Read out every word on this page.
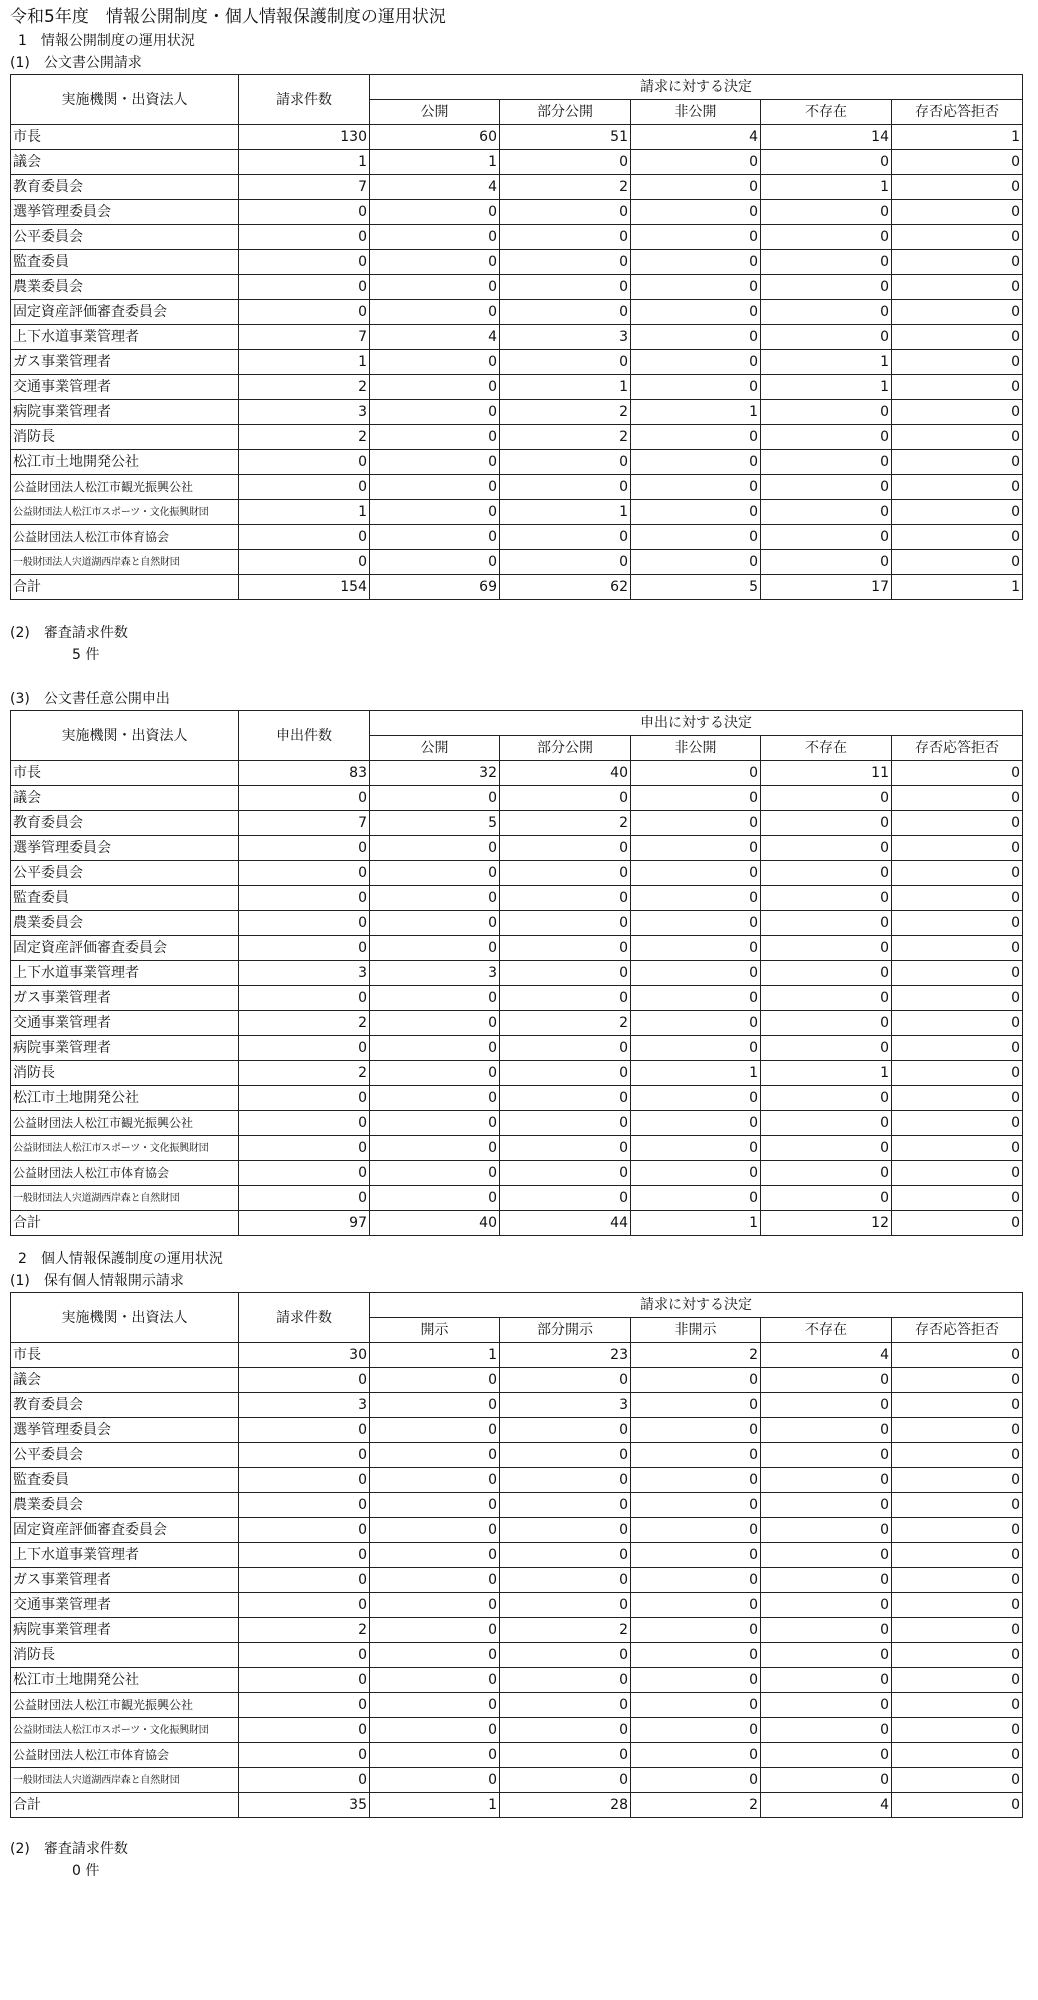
令和5年度　情報公開制度・個人情報保護制度の運用状況
1　情報公開制度の運用状況
(1)　公文書公開請求
実施機関・出資法人	請求件数	請求に対する決定				
		公開	部分公開	非公開	不存在	存否応答拒否
市長	130	60	51	4	14	1
議会	1	1	0	0	0	0
教育委員会	7	4	2	0	1	0
選挙管理委員会	0	0	0	0	0	0
公平委員会	0	0	0	0	0	0
監査委員	0	0	0	0	0	0
農業委員会	0	0	0	0	0	0
固定資産評価審査委員会	0	0	0	0	0	0
上下水道事業管理者	7	4	3	0	0	0
ガス事業管理者	1	0	0	0	1	0
交通事業管理者	2	0	1	0	1	0
病院事業管理者	3	0	2	1	0	0
消防長	2	0	2	0	0	0
松江市土地開発公社	0	0	0	0	0	0
公益財団法人松江市観光振興公社	0	0	0	0	0	0
公益財団法人松江市スポーツ・文化振興財団	1	0	1	0	0	0
公益財団法人松江市体育協会	0	0	0	0	0	0
一般財団法人宍道湖西岸森と自然財団	0	0	0	0	0	0
合計	154	69	62	5	17	1
(2)　審査請求件数
5 件
(3)　公文書任意公開申出
実施機関・出資法人	申出件数	申出に対する決定				
		公開	部分公開	非公開	不存在	存否応答拒否
市長	83	32	40	0	11	0
議会	0	0	0	0	0	0
教育委員会	7	5	2	0	0	0
選挙管理委員会	0	0	0	0	0	0
公平委員会	0	0	0	0	0	0
監査委員	0	0	0	0	0	0
農業委員会	0	0	0	0	0	0
固定資産評価審査委員会	0	0	0	0	0	0
上下水道事業管理者	3	3	0	0	0	0
ガス事業管理者	0	0	0	0	0	0
交通事業管理者	2	0	2	0	0	0
病院事業管理者	0	0	0	0	0	0
消防長	2	0	0	1	1	0
松江市土地開発公社	0	0	0	0	0	0
公益財団法人松江市観光振興公社	0	0	0	0	0	0
公益財団法人松江市スポーツ・文化振興財団	0	0	0	0	0	0
公益財団法人松江市体育協会	0	0	0	0	0	0
一般財団法人宍道湖西岸森と自然財団	0	0	0	0	0	0
合計	97	40	44	1	12	0
2　個人情報保護制度の運用状況
(1)　保有個人情報開示請求
実施機関・出資法人	請求件数	請求に対する決定				
		開示	部分開示	非開示	不存在	存否応答拒否
市長	30	1	23	2	4	0
議会	0	0	0	0	0	0
教育委員会	3	0	3	0	0	0
選挙管理委員会	0	0	0	0	0	0
公平委員会	0	0	0	0	0	0
監査委員	0	0	0	0	0	0
農業委員会	0	0	0	0	0	0
固定資産評価審査委員会	0	0	0	0	0	0
上下水道事業管理者	0	0	0	0	0	0
ガス事業管理者	0	0	0	0	0	0
交通事業管理者	0	0	0	0	0	0
病院事業管理者	2	0	2	0	0	0
消防長	0	0	0	0	0	0
松江市土地開発公社	0	0	0	0	0	0
公益財団法人松江市観光振興公社	0	0	0	0	0	0
公益財団法人松江市スポーツ・文化振興財団	0	0	0	0	0	0
公益財団法人松江市体育協会	0	0	0	0	0	0
一般財団法人宍道湖西岸森と自然財団	0	0	0	0	0	0
合計	35	1	28	2	4	0
(2)　審査請求件数
0 件
